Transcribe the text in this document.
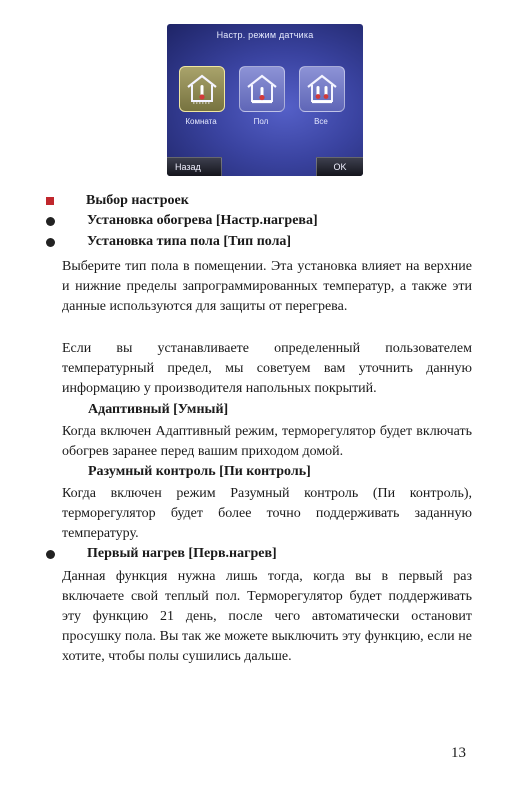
Настр. режим датчика
Комната	Пол	Все
Назад	OK
Выбор настроек
Установка обогрева [Настр.нагрева]
Установка типа пола [Тип пола]
Выберите тип пола в помещении. Эта установка влияет на верхние и нижние пределы запрограммированных температур, а также эти данные используются для защиты от перегрева.
Если вы устанавливаете определенный пользователем температурный предел, мы советуем вам уточнить данную информацию у производителя напольных покрытий.
Адаптивный [Умный]
Когда включен Адаптивный режим, терморегулятор будет включать обогрев заранее перед вашим приходом домой.
Разумный контроль [Пи контроль]
Когда включен режим Разумный контроль (Пи контроль), терморегулятор будет более точно поддерживать заданную температуру.
Первый нагрев [Перв.нагрев]
Данная функция нужна лишь тогда, когда вы в первый раз включаете свой теплый пол. Терморегулятор будет поддерживать эту функцию 21 день, после чего автоматически остановит просушку пола. Вы так же можете выключить эту функцию, если не хотите, чтобы полы сушились дальше.
13
